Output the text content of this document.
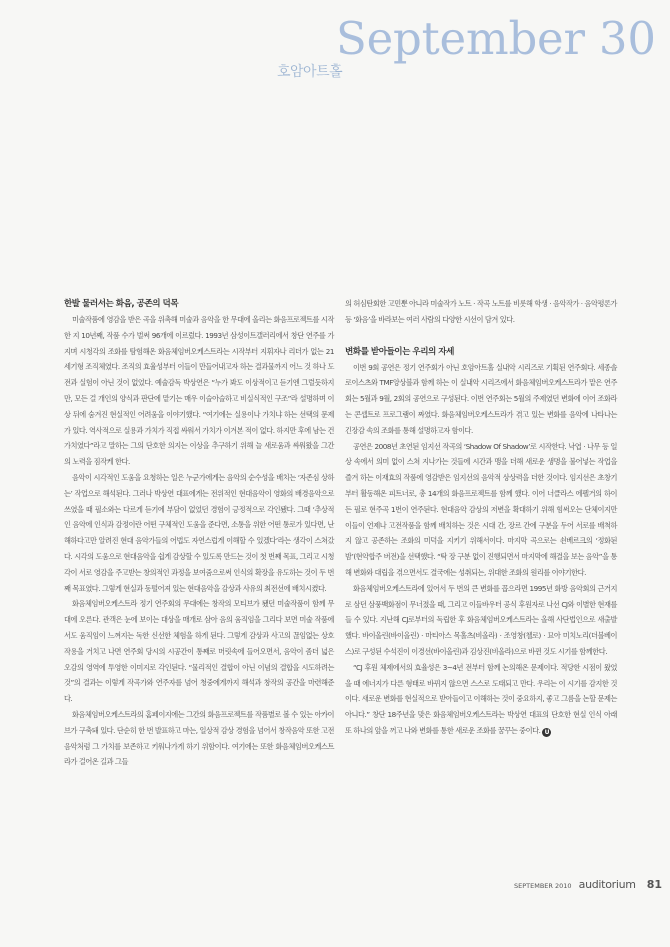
호암아트홀
September 30

한발 물러서는 화음, 공존의 덕목

미술작품에 영감을 받은 곡을 위촉해 미술과 음악을 한 무대에 올리는 화음프로젝트를 시작한 지 10년째, 작품 수가 벌써 96개에 이르렀다. 1993년 삼성이트갤러리에서 창단 연주를 가지며 시청각의 조화를 탐험해온 화음체임버오케스트라는 시작부터 지휘자나 리더가 없는 21세기형 조직체였다. 조직의 효율성부터 이들이 만들어내고자 하는 결과물까지 어느 것 하나 도전과 실험이 아닌 것이 없었다. 예술감독 박상연은 “누가 봐도 이상적이고 듣기엔 그럴듯하지만, 모든 걸 개인의 양식과 판단에 맡기는 매우 이슬아슬하고 비실식적인 구조”라 설명하며 이상 뒤에 숨겨진 현실적인 어려움을 이야기했다. “여기에는 실용이나 가치냐 하는 선택의 문제가 있다. 역사적으로 실용과 가치가 직접 싸워서 가치가 이겨본 적이 없다. 하지만 후에 남는 건 가치였다”라고 말하는 그의 단호한 의지는 이상을 추구하기 위해 늘 새로움과 싸워왔을 그간의 노력을 짐작케 한다.

음악이 시각적인 도움을 요청하는 일은 누군가에게는 음악의 순수성을 배치는 ‘자존심 상하는’ 작업으로 해석된다. 그러나 박상연 대표에게는 전위적인 현대음악이 영화의 배경음악으로 쓰였을 때 필소와는 다르게 듣기에 부담이 없었던 경험이 긍정적으로 각인됐다. 그때 ‘추상적인 음악에 인식과 감정이란 어떤 구체적인 도움을 준다면, 소통을 위한 어떤 통로가 있다면, 난해하다고만 알려진 현대 음악가들의 어법도 자연스럽게 이해할 수 있겠다’라는 생각이 스쳐갔다. 시각의 도움으로 현대음악을 쉽게 감상할 수 있도록 만드는 것이 첫 번째 목표, 그리고 시청각이 서로 영감을 주고받는 창의적인 과정을 보여줌으로써 인식의 확장을 유도하는 것이 두 번째 목표였다. 그렇게 현실과 동떨어져 있는 현대음악을 감상과 사유의 최전선에 배치시켰다.

화음체임버오케스트라 정기 연주회의 무대에는 창작의 모티브가 됐던 미술작품이 함께 무대에 오른다. 관객은 눈에 보이는 대상을 매개로 삼아 음의 움직임을 그리다 보면 미술 작품에서도 움직임이 느껴지는 독한 신선한 체험을 하게 된다. 그렇게 감상과 사고의 끊임없는 상호작용을 거치고 나면 연주회 당시의 시공간이 통째로 머릿속에 들어오면서, 음악이 좀더 넓은 오감의 영역에 투영한 이미지로 각인된다. “물리적인 결합이 아닌 이념의 결합을 시도하려는 것”의 결과는 이렇게 작곡가와 연주자를 넘어 청중에게까지 해석과 창작의 공간을 마련해준다.

화음체임버오케스트라의 홈페이지에는 그간의 화음프로젝트를 작품별로 볼 수 있는 아카이브가 구축돼 있다. 단순히 한 번 발표하고 마는, 일상적 감상 경험을 넘어서 창작음악 또한 고전음악처럼 그 가치를 보존하고 키워나가게 하기 위함이다. 여기에는 또한 화음체임버오케스트라가 걸어온 길과 그들

의 허심탄회한 고민뿐 아니라 미술작가 노트 · 작곡 노트를 비롯해 학생 · 음악작가 · 음악평론가 등 ‘화음’을 바라보는 여러 사람의 다양한 시선이 담겨 있다.

변화를 받아들이는 우리의 자세

이번 9회 공연은 정기 연주회가 아닌 호암아트홀 실내악 시리즈로 기획된 연주회다. 세종솔로이스츠와 TMF앙상블과 함께 하는 이 실내악 시리즈에서 화음체임버오케스트라가 맡은 연주회는 5월과 9월, 2회의 공연으로 구성된다. 이번 연주회는 5월의 주제였던 변화에 이어 조화라는 콘셉트로 프로그램이 짜였다. 화음체임버오케스트라가 겪고 있는 변화를 음악에 나타나는 긴장감 속의 조화를 통해 설명하고자 함이다.

공연은 2008년 초연된 임지선 작곡의 ‘Shadow Of Shadow’로 시작한다. 낙엽 · 나무 등 일상 속에서 의미 없이 스쳐 지나가는 것들에 시간과 맹을 더해 새로운 생명을 불어넣는 작업을 즐겨 하는 이재효의 작품에 영감받은 임지선의 음악적 상상력을 더한 것이다. 임지선은 초창기부터 활동해온 피트너로, 총 14개의 화음프로젝트를 함께 했다. 이어 너클라스 에펠거의 하이든 필로 현주곡 1번이 연주된다. 현대음악 감상의 저변을 확대하기 위해 힘써오는 단체이지만 이들이 언제나 고전작품을 함께 배치하는 것은 시대 간, 장르 간에 구분을 두어 서로를 배척하지 않고 공존하는 조화의 미덕을 지키기 위해서이다. 마지막 곡으로는 쇤베르크의 ‘정화된 밤’(현악합주 버전)을 선택했다. “탁 장 구분 없이 진행되면서 마지막에 해결을 보는 음악”을 통해 변화와 대립을 겪으면서도 결국에는 성취되는, 위대한 조화의 원리를 이야기한다.

화음체임버오케스트라에 있어서 두 번의 큰 변화를 꼽으라면 1995년 화방 음악회의 근거지로 삼던 삼풍백화점이 무너졌을 때, 그리고 이들바우터 공식 후원자로 나선 CJ와 이별한 현재를 들 수 있다. 지난해 CJ로부터의 독립한 후 화음체임버오케스트라는 올해 사단법인으로 새출발했다. 바이올린(바이올린) · 마티아스 목홀츠(비올라) · 조영창(첼로) · 묘아 미치노리(더블베이스)로 구성된 수석진이 이경선(바이올린)과 김상진(비올라)으로 바뀐 것도 시기를 함께한다.

“CJ 후원 체제에서의 효율성은 3~4년 전부터 함께 논의해온 문제이다. 적당한 시점이 왔었을 때 에너지가 다른 형태로 바뀌지 않으면 스스로 도태되고 만다. 우리는 이 시기를 감지한 것이다. 새로운 변화를 현실적으로 받아들이고 이해하는 것이 중요하지, 좋고 그름을 논할 문제는 아니다.” 창단 18주년을 맞은 화음체임버오케스트라는 박상연 대표의 단호한 현실 인식 아래 또 하나의 앞을 꺼고 나와 변화를 통한 새로운 조화를 꿈꾸는 중이다. U

SEPTEMBER 2010 auditorium 81
